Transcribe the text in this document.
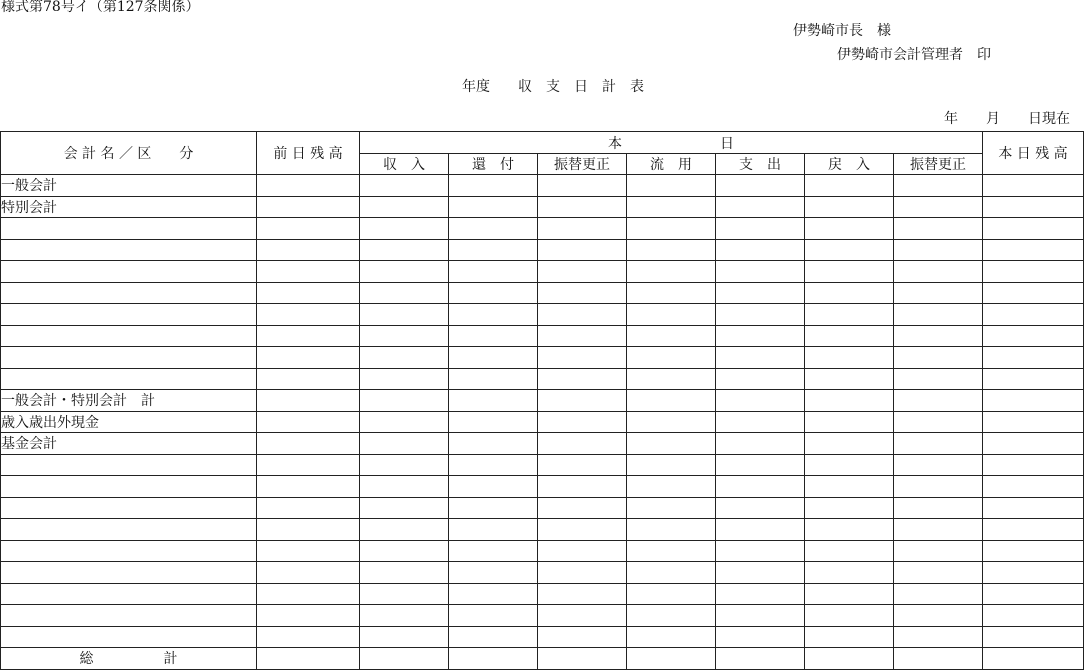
様式第78号イ（第127条関係）
伊勢崎市長　様
伊勢崎市会計管理者　印
年度　　収　支　日　計　表
年　　月　　日現在
会 計 名 ／ 区　　分	前 日 残 高	本　　　　　　　日							本 日 残 高
		収　入	還　付	振替更正	流　用	支　出	戻　入	振替更正	
一般会計									
特別会計									

一般会計・特別会計　計									
歳入歳出外現金									
基金会計									

総　　　　　計									
